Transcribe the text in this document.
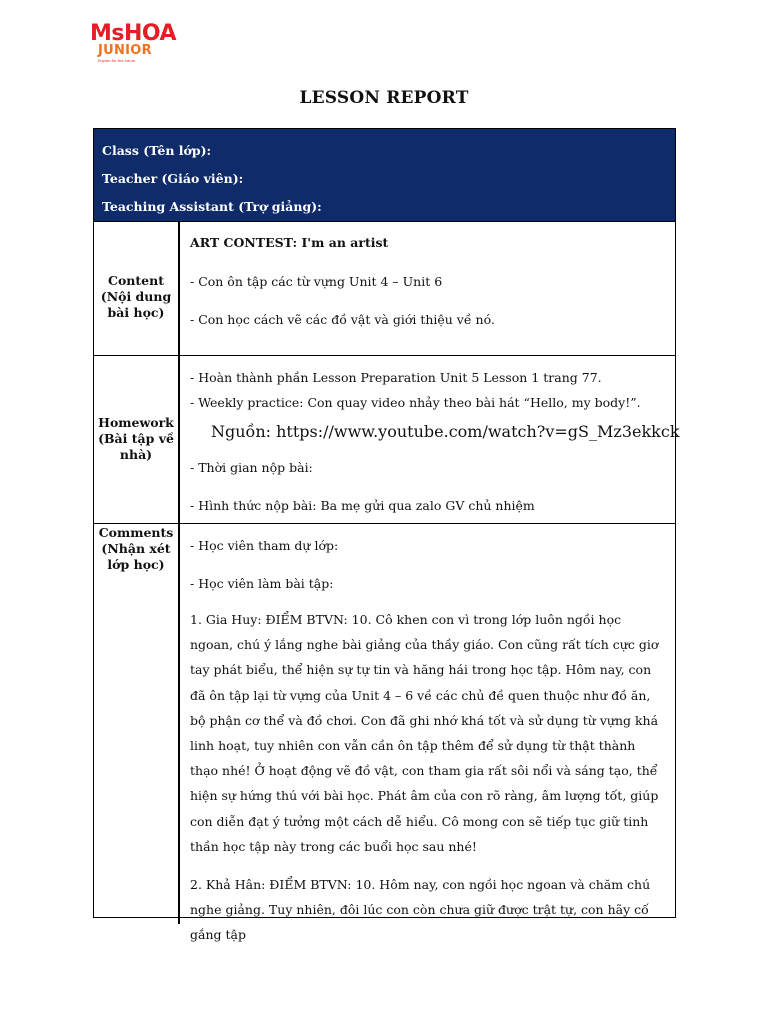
MsHOA
JUNIOR
English for the future
LESSON REPORT
Class (Tên lớp):
Teacher (Giáo viên):
Teaching Assistant (Trợ giảng):
Content
(Nội dung
bài học)
ART CONTEST: I'm an artist
- Con ôn tập các từ vựng Unit 4 – Unit 6
- Con học cách vẽ các đồ vật và giới thiệu về nó.
Homework
(Bài tập về
nhà)
- Hoàn thành phần Lesson Preparation Unit 5 Lesson 1 trang 77.
- Weekly practice: Con quay video nhảy theo bài hát “Hello, my body!”.
- Thời gian nộp bài:
- Hình thức nộp bài: Ba mẹ gửi qua zalo GV chủ nhiệm
Nguồn: https://www.youtube.com/watch?v=gS_Mz3ekkck
Comments
(Nhận xét
lớp học)
- Học viên tham dự lớp:
- Học viên làm bài tập:
1. Gia Huy: ĐIỂM BTVN: 10. Cô khen con vì trong lớp luôn ngồi học ngoan, chú ý lắng nghe bài giảng của thầy giáo. Con cũng rất tích cực giơ tay phát biểu, thể hiện sự tự tin và hăng hái trong học tập. Hôm nay, con đã ôn tập lại từ vựng của Unit 4 – 6 về các chủ đề quen thuộc như đồ ăn, bộ phận cơ thể và đồ chơi. Con đã ghi nhớ khá tốt và sử dụng từ vựng khá linh hoạt, tuy nhiên con vẫn cần ôn tập thêm để sử dụng từ thật thành thạo nhé! Ở hoạt động vẽ đồ vật, con tham gia rất sôi nổi và sáng tạo, thể hiện sự hứng thú với bài học. Phát âm của con rõ ràng, âm lượng tốt, giúp con diễn đạt ý tưởng một cách dễ hiểu. Cô mong con sẽ tiếp tục giữ tinh thần học tập này trong các buổi học sau nhé!
2. Khả Hân: ĐIỂM BTVN: 10. Hôm nay, con ngồi học ngoan và chăm chú nghe giảng. Tuy nhiên, đôi lúc con còn chưa giữ được trật tự, con hãy cố gắng tập
